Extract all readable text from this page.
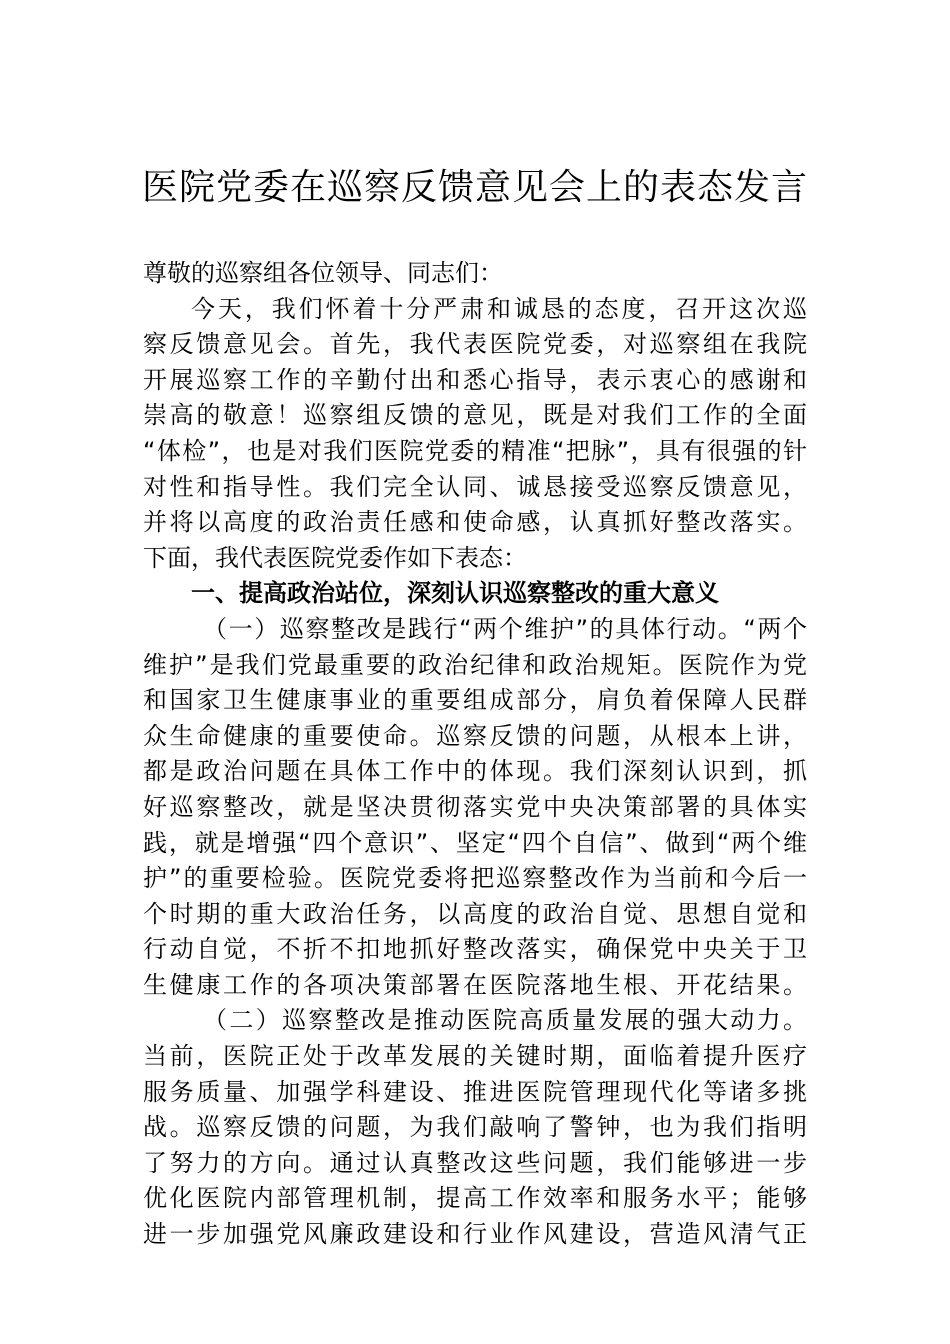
医院党委在巡察反馈意见会上的表态发言
尊敬的巡察组各位领导、同志们：
今天，我们怀着十分严肃和诚恳的态度，召开这次巡
察反馈意见会。首先，我代表医院党委，对巡察组在我院
开展巡察工作的辛勤付出和悉心指导，表示衷心的感谢和
崇高的敬意！巡察组反馈的意见，既是对我们工作的全面
“体检”，也是对我们医院党委的精准“把脉”，具有很强的针
对性和指导性。我们完全认同、诚恳接受巡察反馈意见，
并将以高度的政治责任感和使命感，认真抓好整改落实。
下面，我代表医院党委作如下表态：
一、提高政治站位，深刻认识巡察整改的重大意义
（一）巡察整改是践行“两个维护”的具体行动。“两个
维护”是我们党最重要的政治纪律和政治规矩。医院作为党
和国家卫生健康事业的重要组成部分，肩负着保障人民群
众生命健康的重要使命。巡察反馈的问题，从根本上讲，
都是政治问题在具体工作中的体现。我们深刻认识到，抓
好巡察整改，就是坚决贯彻落实党中央决策部署的具体实
践，就是增强“四个意识”、坚定“四个自信”、做到“两个维
护”的重要检验。医院党委将把巡察整改作为当前和今后一
个时期的重大政治任务，以高度的政治自觉、思想自觉和
行动自觉，不折不扣地抓好整改落实，确保党中央关于卫
生健康工作的各项决策部署在医院落地生根、开花结果。
（二）巡察整改是推动医院高质量发展的强大动力。
当前，医院正处于改革发展的关键时期，面临着提升医疗
服务质量、加强学科建设、推进医院管理现代化等诸多挑
战。巡察反馈的问题，为我们敲响了警钟，也为我们指明
了努力的方向。通过认真整改这些问题，我们能够进一步
优化医院内部管理机制，提高工作效率和服务水平；能够
进一步加强党风廉政建设和行业作风建设，营造风清气正
